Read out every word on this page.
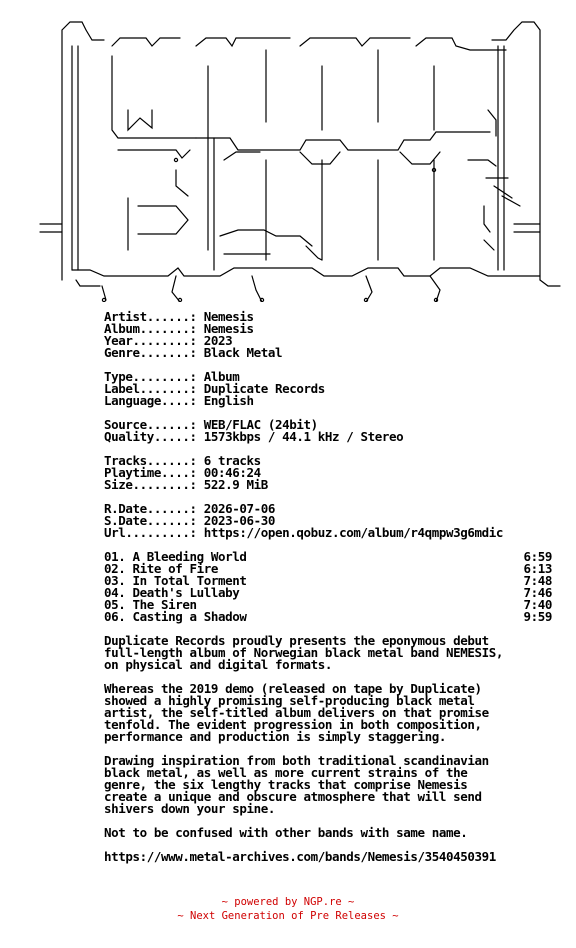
Artist......: Nemesis
Album.......: Nemesis
Year........: 2023
Genre.......: Black Metal
Type........: Album
Label.......: Duplicate Records
Language....: English
Source......: WEB/FLAC (24bit)
Quality.....: 1573kbps / 44.1 kHz / Stereo
Tracks......: 6 tracks
Playtime....: 00:46:24
Size........: 522.9 MiB
R.Date......: 2026-07-06
S.Date......: 2023-06-30
Url.........: https://open.qobuz.com/album/r4qmpw3g6mdic
01. A Bleeding World	6:59
02. Rite of Fire	6:13
03. In Total Torment	7:48
04. Death's Lullaby	7:46
05. The Siren	7:40
06. Casting a Shadow	9:59
Duplicate Records proudly presents the eponymous debut
full-length album of Norwegian black metal band NEMESIS,
on physical and digital formats.
Whereas the 2019 demo (released on tape by Duplicate)
showed a highly promising self-producing black metal
artist, the self-titled album delivers on that promise
tenfold. The evident progression in both composition,
performance and production is simply staggering.
Drawing inspiration from both traditional scandinavian
black metal, as well as more current strains of the
genre, the six lengthy tracks that comprise Nemesis
create a unique and obscure atmosphere that will send
shivers down your spine.
Not to be confused with other bands with same name.
https://www.metal-archives.com/bands/Nemesis/3540450391
~ powered by NGP.re ~
~ Next Generation of Pre Releases ~
